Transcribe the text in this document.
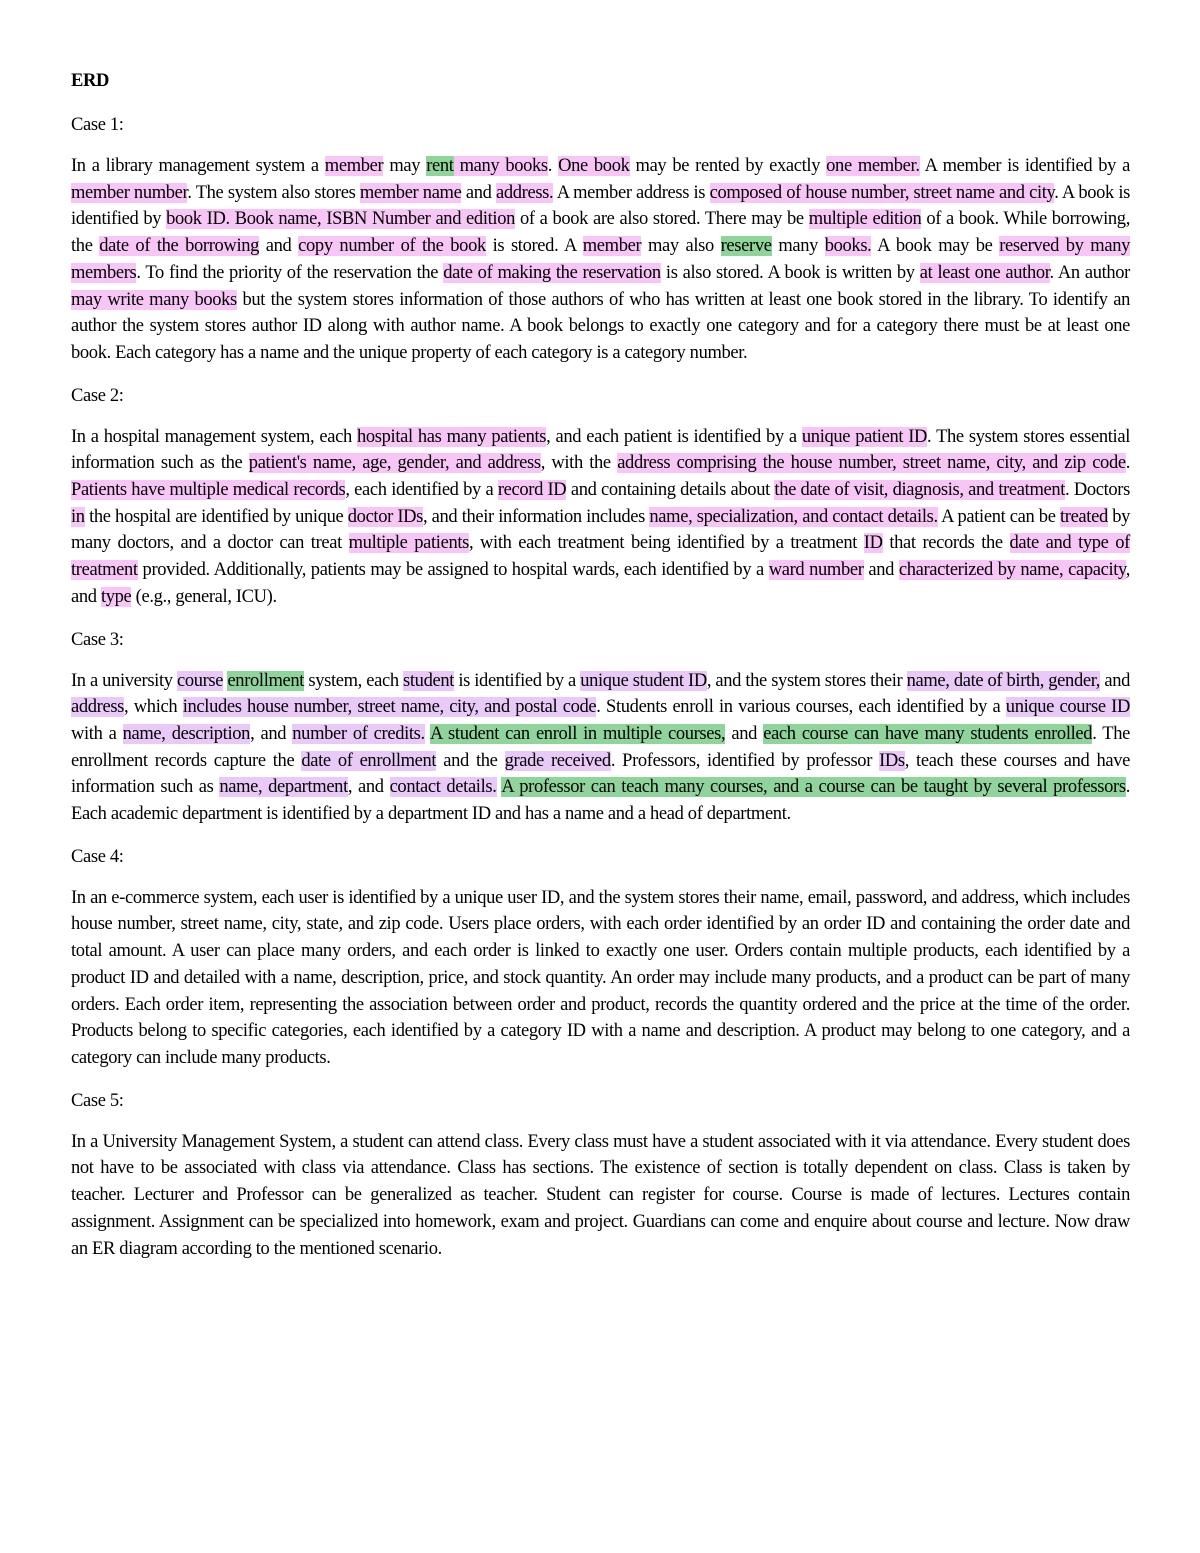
ERD
Case 1:
In a library management system a member may rent many books. One book may be rented by exactly one member. A member is identified by a member number. The system also stores member name and address. A member address is composed of house number, street name and city. A book is identified by book ID. Book name, ISBN Number and edition of a book are also stored. There may be multiple edition of a book. While borrowing, the date of the borrowing and copy number of the book is stored. A member may also reserve many books. A book may be reserved by many members. To find the priority of the reservation the date of making the reservation is also stored. A book is written by at least one author. An author may write many books but the system stores information of those authors of who has written at least one book stored in the library. To identify an author the system stores author ID along with author name. A book belongs to exactly one category and for a category there must be at least one book. Each category has a name and the unique property of each category is a category number.
Case 2:
In a hospital management system, each hospital has many patients, and each patient is identified by a unique patient ID. The system stores essential information such as the patient's name, age, gender, and address, with the address comprising the house number, street name, city, and zip code. Patients have multiple medical records, each identified by a record ID and containing details about the date of visit, diagnosis, and treatment. Doctors in the hospital are identified by unique doctor IDs, and their information includes name, specialization, and contact details. A patient can be treated by many doctors, and a doctor can treat multiple patients, with each treatment being identified by a treatment ID that records the date and type of treatment provided. Additionally, patients may be assigned to hospital wards, each identified by a ward number and characterized by name, capacity, and type (e.g., general, ICU).
Case 3:
In a university course enrollment system, each student is identified by a unique student ID, and the system stores their name, date of birth, gender, and address, which includes house number, street name, city, and postal code. Students enroll in various courses, each identified by a unique course ID with a name, description, and number of credits. A student can enroll in multiple courses, and each course can have many students enrolled. The enrollment records capture the date of enrollment and the grade received. Professors, identified by professor IDs, teach these courses and have information such as name, department, and contact details. A professor can teach many courses, and a course can be taught by several professors. Each academic department is identified by a department ID and has a name and a head of department.
Case 4:
In an e-commerce system, each user is identified by a unique user ID, and the system stores their name, email, password, and address, which includes house number, street name, city, state, and zip code. Users place orders, with each order identified by an order ID and containing the order date and total amount. A user can place many orders, and each order is linked to exactly one user. Orders contain multiple products, each identified by a product ID and detailed with a name, description, price, and stock quantity. An order may include many products, and a product can be part of many orders. Each order item, representing the association between order and product, records the quantity ordered and the price at the time of the order. Products belong to specific categories, each identified by a category ID with a name and description. A product may belong to one category, and a category can include many products.
Case 5:
In a University Management System, a student can attend class. Every class must have a student associated with it via attendance. Every student does not have to be associated with class via attendance. Class has sections. The existence of section is totally dependent on class. Class is taken by teacher. Lecturer and Professor can be generalized as teacher. Student can register for course. Course is made of lectures. Lectures contain assignment. Assignment can be specialized into homework, exam and project. Guardians can come and enquire about course and lecture. Now draw an ER diagram according to the mentioned scenario.
